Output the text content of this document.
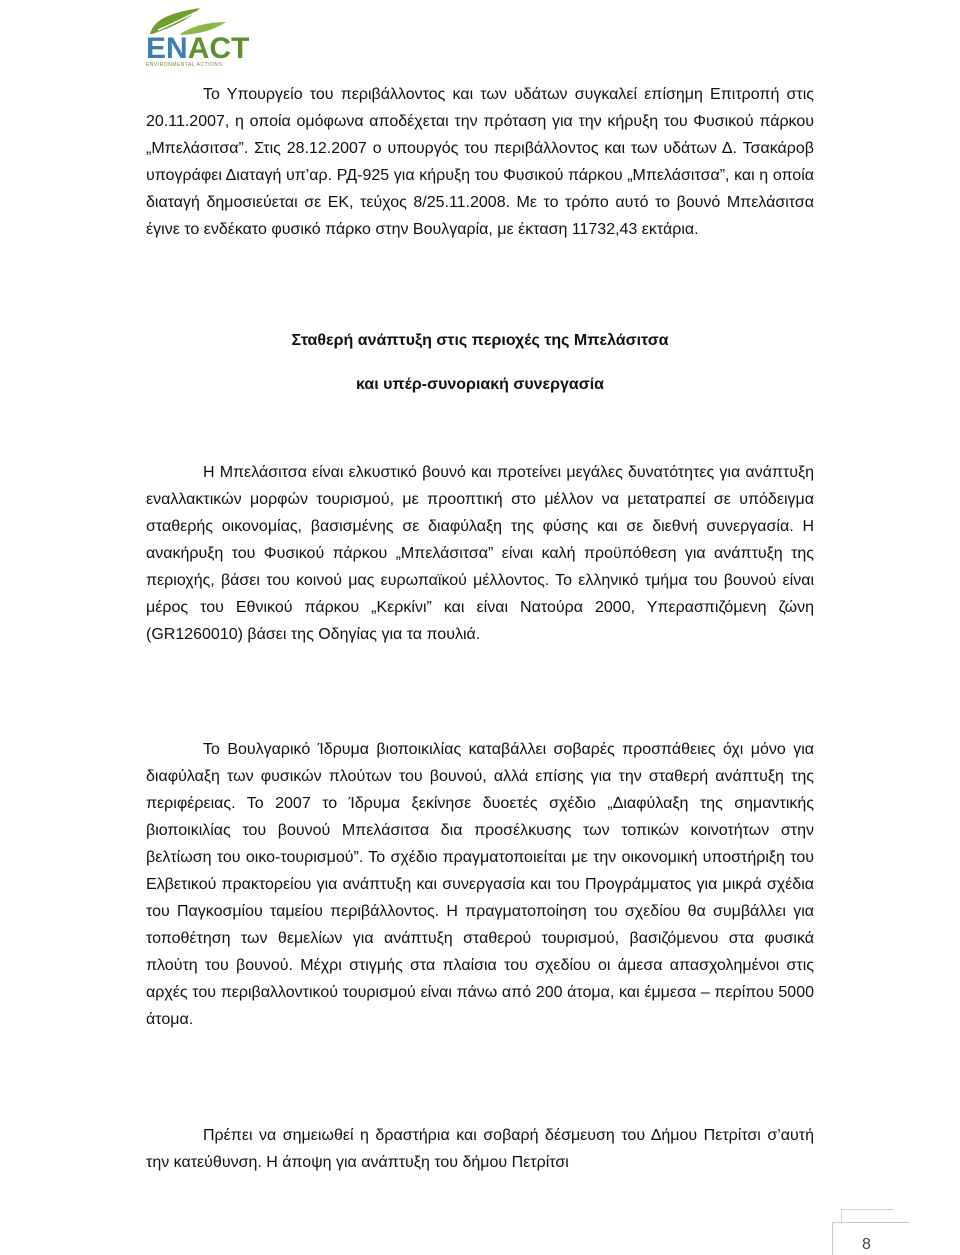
ENACT
ENVIRONMENTAL ACTIONS

Το Υπουργείο του περιβάλλοντος και των υδάτων συγκαλεί επίσημη Επιτροπή στις 20.11.2007, η οποία ομόφωνα αποδέχεται την πρόταση για την κήρυξη του Φυσικού πάρκου „Μπελάσιτσα”. Στις 28.12.2007 ο υπουργός του περιβάλλοντος και των υδάτων Δ. Τσακάροβ υπογράφει Διαταγή υπ’αρ. РД-925 για κήρυξη του Φυσικού πάρκου „Μπελάσιτσα”, και η οποία διαταγή δημοσιεύεται σε ΕΚ, τεύχος 8/25.11.2008. Με το τρόπο αυτό το βουνό Μπελάσιτσα έγινε το ενδέκατο φυσικό πάρκο στην Βουλγαρία, με έκταση 11732,43 εκτάρια.

Σταθερή ανάπτυξη στις περιοχές της Μπελάσιτσα
και υπέρ-συνοριακή συνεργασία

Η Μπελάσιτσα είναι ελκυστικό βουνό και προτείνει μεγάλες δυνατότητες για ανάπτυξη εναλλακτικών μορφών τουρισμού, με προοπτική στο μέλλον να μετατραπεί σε υπόδειγμα σταθερής οικονομίας, βασισμένης σε διαφύλαξη της φύσης και σε διεθνή συνεργασία. Η ανακήρυξη του Φυσικού πάρκου „Μπελάσιτσα” είναι καλή προϋπόθεση για ανάπτυξη της περιοχής, βάσει του κοινού μας ευρωπαϊκού μέλλοντος. Το ελληνικό τμήμα του βουνού είναι μέρος του Εθνικού πάρκου „Κερκίνι” και είναι Νατούρα 2000, Υπερασπιζόμενη ζώνη (GR1260010) βάσει της Οδηγίας για τα πουλιά.

Το Βουλγαρικό Ίδρυμα βιοποικιλίας καταβάλλει σοβαρές προσπάθειες όχι μόνο για διαφύλαξη των φυσικών πλούτων του βουνού, αλλά επίσης για την σταθερή ανάπτυξη της περιφέρειας. Το 2007 το Ίδρυμα ξεκίνησε δυοετές σχέδιο „Διαφύλαξη της σημαντικής βιοποικιλίας του βουνού Μπελάσιτσα δια προσέλκυσης των τοπικών κοινοτήτων στην βελτίωση του οικο-τουρισμού”. Το σχέδιο πραγματοποιείται με την οικονομική υποστήριξη του Ελβετικού πρακτορείου για ανάπτυξη και συνεργασία και του Προγράμματος για μικρά σχέδια του Παγκοσμίου ταμείου περιβάλλοντος. Η πραγματοποίηση του σχεδίου θα συμβάλλει για τοποθέτηση των θεμελίων για ανάπτυξη σταθερού τουρισμού, βασιζόμενου στα φυσικά πλούτη του βουνού. Μέχρι στιγμής στα πλαίσια του σχεδίου οι άμεσα απασχολημένοι στις αρχές του περιβαλλοντικού τουρισμού είναι πάνω από 200 άτομα, και έμμεσα – περίπου 5000 άτομα.

Πρέπει να σημειωθεί η δραστήρια και σοβαρή δέσμευση του Δήμου Πετρίτσι σ’αυτή την κατεύθυνση. Η άποψη για ανάπτυξη του δήμου Πετρίτσι

8
